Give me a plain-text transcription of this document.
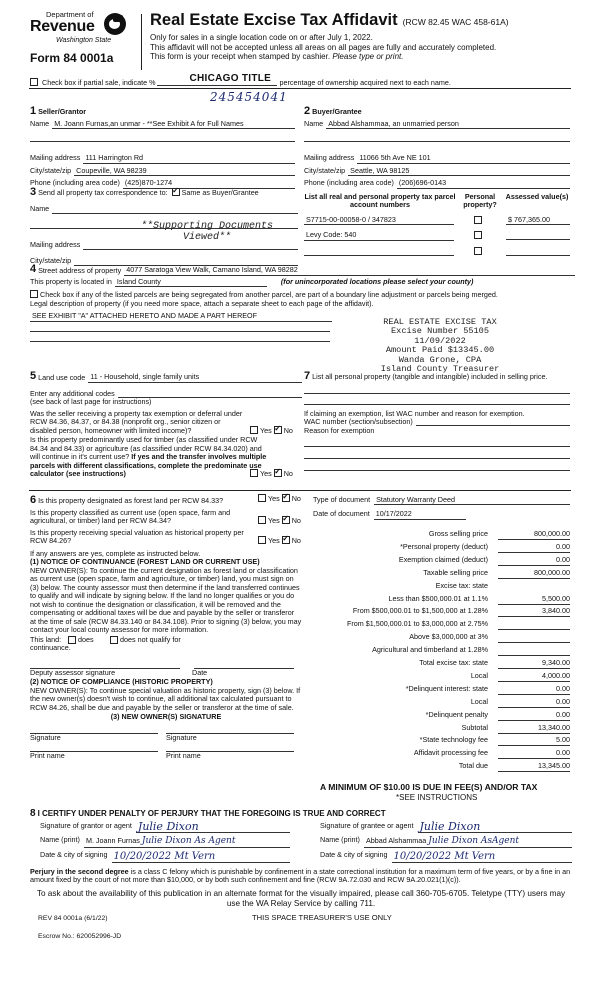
Department of
Revenue
Washington State
Form 84 0001a
Real Estate Excise Tax Affidavit (RCW 82.45 WAC 458-61A)
Only for sales in a single location code on or after July 1, 2022.
This affidavit will not be accepted unless all areas on all pages are fully and accurately completed.
This form is your receipt when stamped by cashier. Please type or print.
Check box if partial sale, indicate %	CHICAGO TITLE percentage of ownership acquired next to each name.
245454041
1 Seller/Grantor
Name M. Joann Furnas,an unmar - **See Exhibit A for Full Names
Mailing address 111 Harrington Rd
City/state/zip Coupeville, WA 98239
Phone (including area code) (425)870-1274
2 Buyer/Grantee
Name Abbad Alshammaa, an unmarried person
Mailing address 11066 5th Ave NE 101
City/state/zip Seattle, WA 98125
Phone (including area code) (206)696-0143
3 Send all property tax correspondence to: ✓ Same as Buyer/Grantee
Name
**Supporting Documents Viewed**
Mailing address
City/state/zip
List all real and personal property tax parcel account numbers
Personal property?
Assessed value(s)
S7715-00-00058-0 / 347823	$ 767,365.00
Levy Code: 540
4 Street address of property 4077 Saratoga View Walk, Camano Island, WA 98282
This property is located in Island County	(for unincorporated locations please select your county)
Check box if any of the listed parcels are being segregated from another parcel, are part of a boundary line adjustment or parcels being merged.
Legal description of property (if you need more space, attach a separate sheet to each page of the affidavit).
SEE EXHIBIT "A" ATTACHED HERETO AND MADE A PART HEREOF
REAL ESTATE EXCISE TAX
Excise Number 55105
11/09/2022
Amount Paid $13345.00
Wanda Grone, CPA
Island County Treasurer
5 Land use code 11 - Household, single family units
Enter any additional codes
(see back of last page for instructions)
Was the seller receiving a property tax exemption or deferral under RCW 84.36, 84.37, or 84.38 (nonprofit org., senior citizen or disabled person, homeowner with limited income)?	Yes ✓ No
Is this property predominantly used for timber (as classified under RCW 84.34 and 84.33) or agriculture (as classified under RCW 84.34.020) and will continue in it's current use? If yes and the transfer involves multiple parcels with different classifications, complete the predominate use calculator (see instructions)	Yes ✓ No
7 List all personal property (tangible and intangible) included in selling price.
If claiming an exemption, list WAC number and reason for exemption.
WAC number (section/subsection)
Reason for exemption
6 Is this property designated as forest land per RCW 84.33?	Yes ✓ No
Is this property classified as current use (open space, farm and agricultural, or timber) land per RCW 84.34?	Yes ✓ No
Is this property receiving special valuation as historical property per RCW 84.26?	Yes ✓ No
If any answers are yes, complete as instructed below.
(1) NOTICE OF CONTINUANCE (FOREST LAND OR CURRENT USE)
NEW OWNER(S): To continue the current designation as forest land or classification as current use (open space, farm and agriculture, or timber) land, you must sign on (3) below. The county assessor must then determine if the land transferred continues to qualify and will indicate by signing below. If the land no longer qualifies or you do not wish to continue the designation or classification, it will be removed and the compensating or additional taxes will be due and payable by the seller or transferor at the time of sale (RCW 84.33.140 or 84.34.108). Prior to signing (3) below, you may contact your local county assessor for more information.
This land:	does	does not qualify for
continuance.
Deputy assessor signature	Date
(2) NOTICE OF COMPLIANCE (HISTORIC PROPERTY)
NEW OWNER(S): To continue special valuation as historic property, sign (3) below. If the new owner(s) doesn't wish to continue, all additional tax calculated pursuant to RCW 84.26, shall be due and payable by the seller or transferor at the time of sale.
(3) NEW OWNER(S) SIGNATURE
Signature	Signature
Print name	Print name
Type of document Statutory Warranty Deed
Date of document 10/17/2022
Gross selling price	800,000.00
*Personal property (deduct)	0.00
Exemption claimed (deduct)	0.00
Taxable selling price	800,000.00
Excise tax: state
Less than $500,000.01 at 1.1%	5,500.00
From $500,000.01 to $1,500,000 at 1.28%	3,840.00
From $1,500,000.01 to $3,000,000 at 2.75%
Above $3,000,000 at 3%
Agricultural and timberland at 1.28%
Total excise tax: state	9,340.00
Local	4,000.00
*Delinquent interest: state	0.00
Local	0.00
*Delinquent penalty	0.00
Subtotal	13,340.00
*State technology fee	5.00
Affidavit processing fee	0.00
Total due	13,345.00
A MINIMUM OF $10.00 IS DUE IN FEE(S) AND/OR TAX
*SEE INSTRUCTIONS
8 I CERTIFY UNDER PENALTY OF PERJURY THAT THE FOREGOING IS TRUE AND CORRECT
Signature of grantor or agent Julie Dixon
Name (print) M. Joann Furnas Julie Dixon As Agent
Date & city of signing 10/20/2022 Mt Vern
Signature of grantee or agent Julie Dixon
Name (print) Abbad Alshammaa Julie Dixon AsAgent
Date & city of signing 10/20/2022 Mt Vern
Perjury in the second degree is a class C felony which is punishable by confinement in a state correctional institution for a maximum term of five years, or by a fine in an amount fixed by the court of not more than $10,000, or by both such confinement and fine (RCW 9A.72.030 and RCW 9A.20.021(1)(c)).
To ask about the availability of this publication in an alternate format for the visually impaired, please call 360-705-6705. Teletype (TTY) users may use the WA Relay Service by calling 711.
REV 84 0001a (6/1/22)	THIS SPACE TREASURER'S USE ONLY
Escrow No.: 620052996-JD
